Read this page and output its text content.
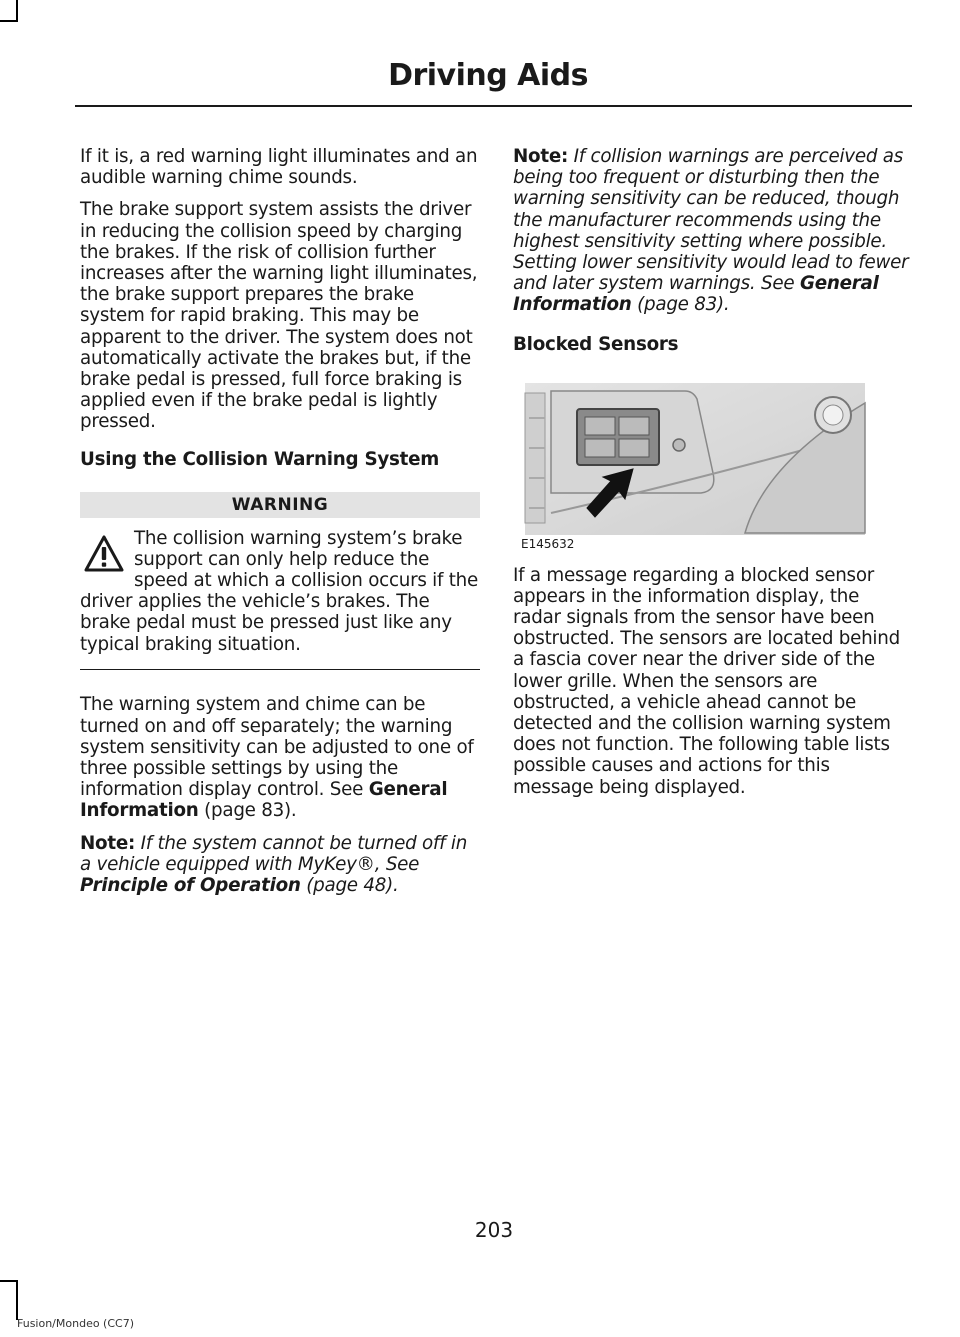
Driving Aids

If it is, a red warning light illuminates and an audible warning chime sounds.

The brake support system assists the driver in reducing the collision speed by charging the brakes. If the risk of collision further increases after the warning light illuminates, the brake support prepares the brake system for rapid braking. This may be apparent to the driver. The system does not automatically activate the brakes but, if the brake pedal is pressed, full force braking is applied even if the brake pedal is lightly pressed.

Using the Collision Warning System
WARNING
The collision warning system’s brake support can only help reduce the speed at which a collision occurs if the driver applies the vehicle’s brakes. The brake pedal must be pressed just like any typical braking situation.

The warning system and chime can be turned on and off separately; the warning system sensitivity can be adjusted to one of three possible settings by using the information display control. See General Information (page 83).

Note: If the system cannot be turned off in a vehicle equipped with MyKey®, See Principle of Operation (page 48).

Note: If collision warnings are perceived as being too frequent or disturbing then the warning sensitivity can be reduced, though the manufacturer recommends using the highest sensitivity setting where possible. Setting lower sensitivity would lead to fewer and later system warnings. See General Information (page 83).

Blocked Sensors
E145632

If a message regarding a blocked sensor appears in the information display, the radar signals from the sensor have been obstructed. The sensors are located behind a fascia cover near the driver side of the lower grille. When the sensors are obstructed, a vehicle ahead cannot be detected and the collision warning system does not function. The following table lists possible causes and actions for this message being displayed.

203
Fusion/Mondeo (CC7)
